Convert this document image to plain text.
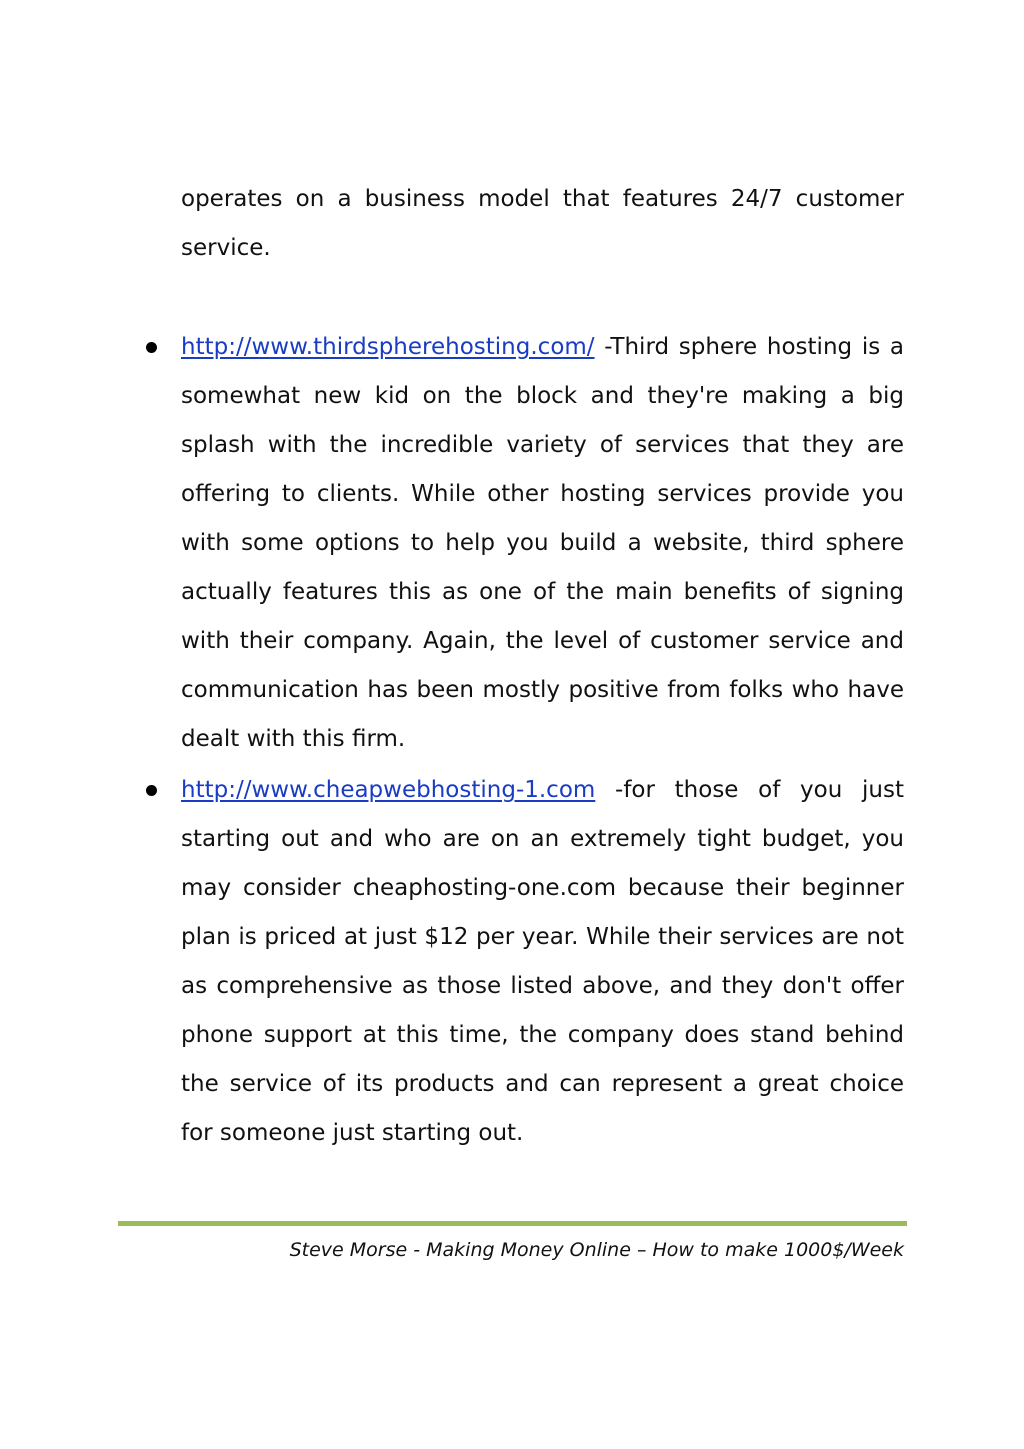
operates on a business model that features 24/7 customer service.

http://www.thirdspherehosting.com/ -Third sphere hosting is a somewhat new kid on the block and they're making a big splash with the incredible variety of services that they are offering to clients. While other hosting services provide you with some options to help you build a website, third sphere actually features this as one of the main benefits of signing with their company. Again, the level of customer service and communication has been mostly positive from folks who have dealt with this firm.
http://www.cheapwebhosting-1.com -for those of you just starting out and who are on an extremely tight budget, you may consider cheaphosting-one.com because their beginner plan is priced at just $12 per year. While their services are not as comprehensive as those listed above, and they don't offer phone support at this time, the company does stand behind the service of its products and can represent a great choice for someone just starting out.
Steve Morse - Making Money Online – How to make 1000$/Week
